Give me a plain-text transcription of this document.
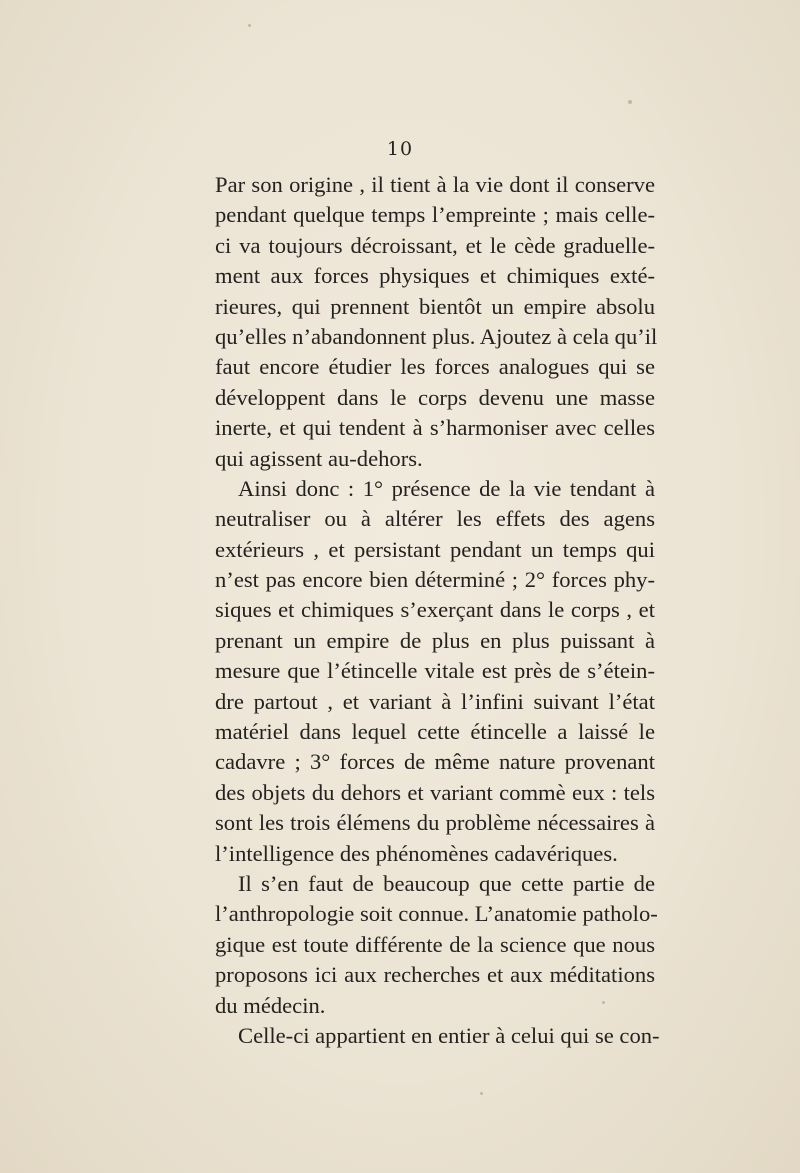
10
Par son origine , il tient à la vie dont il conserve
pendant quelque temps l’empreinte ; mais celle-
ci va toujours décroissant, et le cède graduelle-
ment aux forces physiques et chimiques exté-
rieures, qui prennent bientôt un empire absolu
qu’elles n’abandonnent plus. Ajoutez à cela qu’il
faut encore étudier les forces analogues qui se
développent dans le corps devenu une masse
inerte, et qui tendent à s’harmoniser avec celles
qui agissent au-dehors.
Ainsi donc : 1° présence de la vie tendant à
neutraliser ou à altérer les effets des agens
extérieurs , et persistant pendant un temps qui
n’est pas encore bien déterminé ; 2° forces phy-
siques et chimiques s’exerçant dans le corps , et
prenant un empire de plus en plus puissant à
mesure que l’étincelle vitale est près de s’étein-
dre partout , et variant à l’infini suivant l’état
matériel dans lequel cette étincelle a laissé le
cadavre ; 3° forces de même nature provenant
des objets du dehors et variant commè eux : tels
sont les trois élémens du problème nécessaires à
l’intelligence des phénomènes cadavériques.
Il s’en faut de beaucoup que cette partie de
l’anthropologie soit connue. L’anatomie patholo-
gique est toute différente de la science que nous
proposons ici aux recherches et aux méditations
du médecin.
Celle-ci appartient en entier à celui qui se con-
